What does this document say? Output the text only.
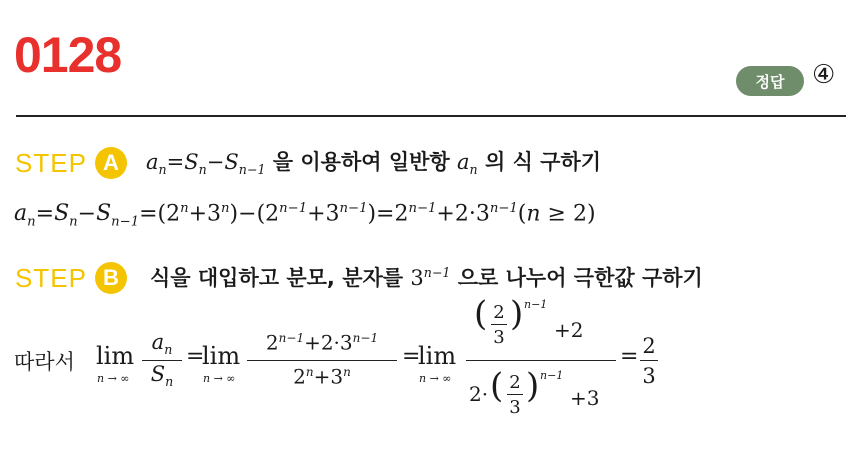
0128	정답	④
STEP A	$a_n=S_n-S_{n-1}$ 을 이용하여 일반항 $a_n$ 의 식 구하기
$a_n=S_n-S_{n-1}=(2^n+3^n)-(2^{n-1}+3^{n-1})=2^{n-1}+2\cdot 3^{n-1}(n \ge 2)$
STEP B	식을 대입하고 분모, 분자를 $3^{n-1}$ 으로 나누어 극한값 구하기
따라서 lim
n → ∞
$a_n$
$S_n$
=
lim
n → ∞
$2^{n-1}+2\cdot 3^{n-1}$
$2^n+3^n$
=
lim
n → ∞
( 2
3
) n−1
+2
2· ( 2
3
) n−1
+3
= 2
3
